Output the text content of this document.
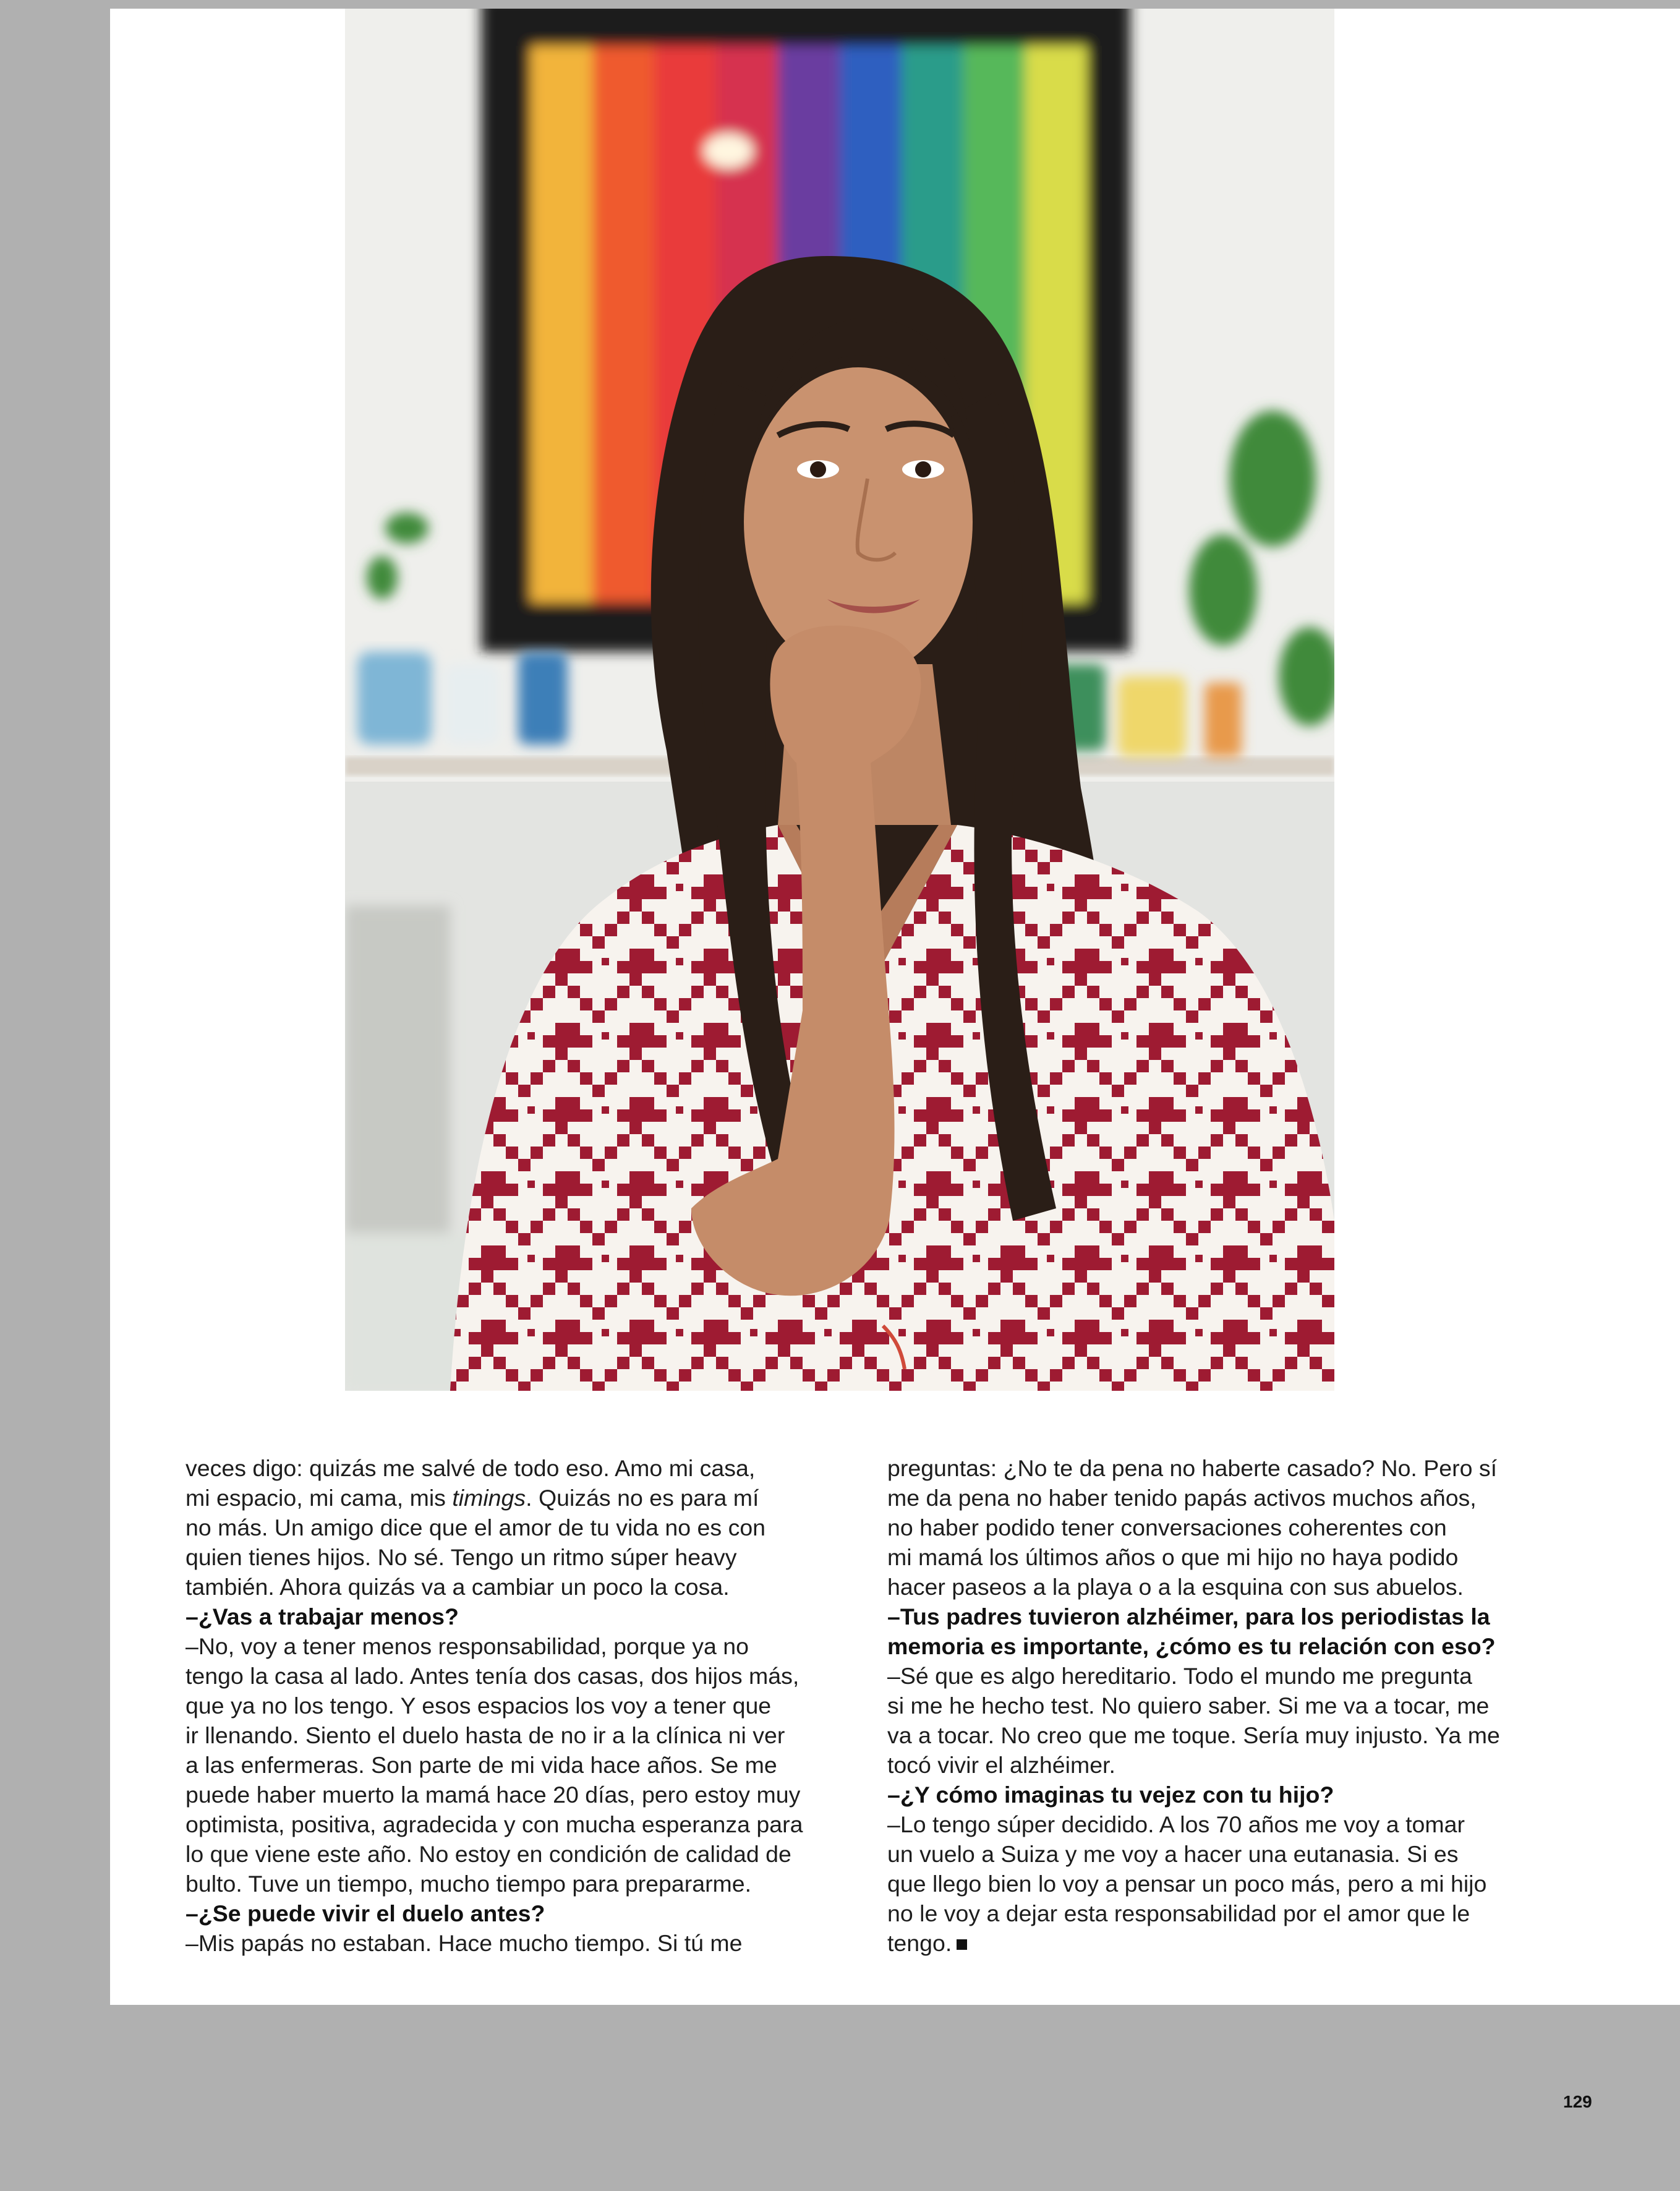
veces digo: quizás me salvé de todo eso. Amo mi casa,
mi espacio, mi cama, mis timings. Quizás no es para mí
no más. Un amigo dice que el amor de tu vida no es con
quien tienes hijos. No sé. Tengo un ritmo súper heavy
también. Ahora quizás va a cambiar un poco la cosa.
–¿Vas a trabajar menos?
–No, voy a tener menos responsabilidad, porque ya no
tengo la casa al lado. Antes tenía dos casas, dos hijos más,
que ya no los tengo. Y esos espacios los voy a tener que
ir llenando. Siento el duelo hasta de no ir a la clínica ni ver
a las enfermeras. Son parte de mi vida hace años. Se me
puede haber muerto la mamá hace 20 días, pero estoy muy
optimista, positiva, agradecida y con mucha esperanza para
lo que viene este año. No estoy en condición de calidad de
bulto. Tuve un tiempo, mucho tiempo para prepararme.
–¿Se puede vivir el duelo antes?
–Mis papás no estaban. Hace mucho tiempo. Si tú me
preguntas: ¿No te da pena no haberte casado? No. Pero sí
me da pena no haber tenido papás activos muchos años,
no haber podido tener conversaciones coherentes con
mi mamá los últimos años o que mi hijo no haya podido
hacer paseos a la playa o a la esquina con sus abuelos.
–Tus padres tuvieron alzhéimer, para los periodistas la
memoria es importante, ¿cómo es tu relación con eso?
–Sé que es algo hereditario. Todo el mundo me pregunta
si me he hecho test. No quiero saber. Si me va a tocar, me
va a tocar. No creo que me toque. Sería muy injusto. Ya me
tocó vivir el alzhéimer.
–¿Y cómo imaginas tu vejez con tu hijo?
–Lo tengo súper decidido. A los 70 años me voy a tomar
un vuelo a Suiza y me voy a hacer una eutanasia. Si es
que llego bien lo voy a pensar un poco más, pero a mi hijo
no le voy a dejar esta responsabilidad por el amor que le
tengo.
129
